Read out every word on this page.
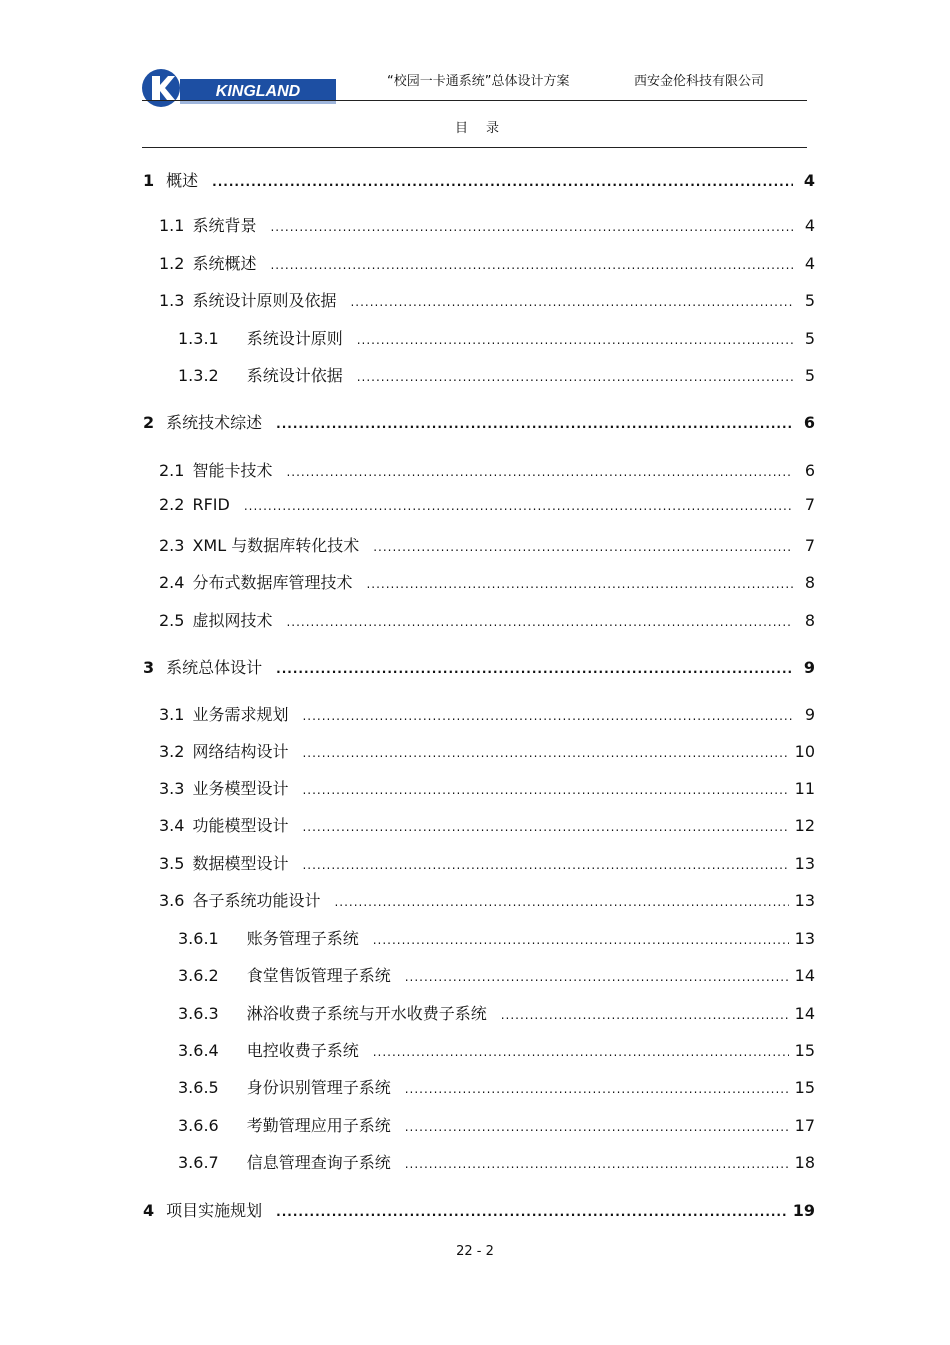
KINGLAND
“校园一卡通系统”总体设计方案	西安金伦科技有限公司
目录
1 概述 .....	4
1.1 系统背景 .....	4
1.2 系统概述 .....	4
1.3 系统设计原则及依据 .....	5
1.3.1 系统设计原则 .....	5
1.3.2 系统设计依据 .....	5
2 系统技术综述 .....	6
2.1 智能卡技术 .....	6
2.2 RFID .....	7
2.3 XML 与数据库转化技术 .....	7
2.4 分布式数据库管理技术 .....	8
2.5 虚拟网技术 .....	8
3 系统总体设计 .....	9
3.1 业务需求规划 .....	9
3.2 网络结构设计 .....	10
3.3 业务模型设计 .....	11
3.4 功能模型设计 .....	12
3.5 数据模型设计 .....	13
3.6 各子系统功能设计 .....	13
3.6.1 账务管理子系统 .....	13
3.6.2 食堂售饭管理子系统 .....	14
3.6.3 淋浴收费子系统与开水收费子系统 .....	14
3.6.4 电控收费子系统 .....	15
3.6.5 身份识别管理子系统 .....	15
3.6.6 考勤管理应用子系统 .....	17
3.6.7 信息管理查询子系统 .....	18
4 项目实施规划 .....	19
22 - 2
